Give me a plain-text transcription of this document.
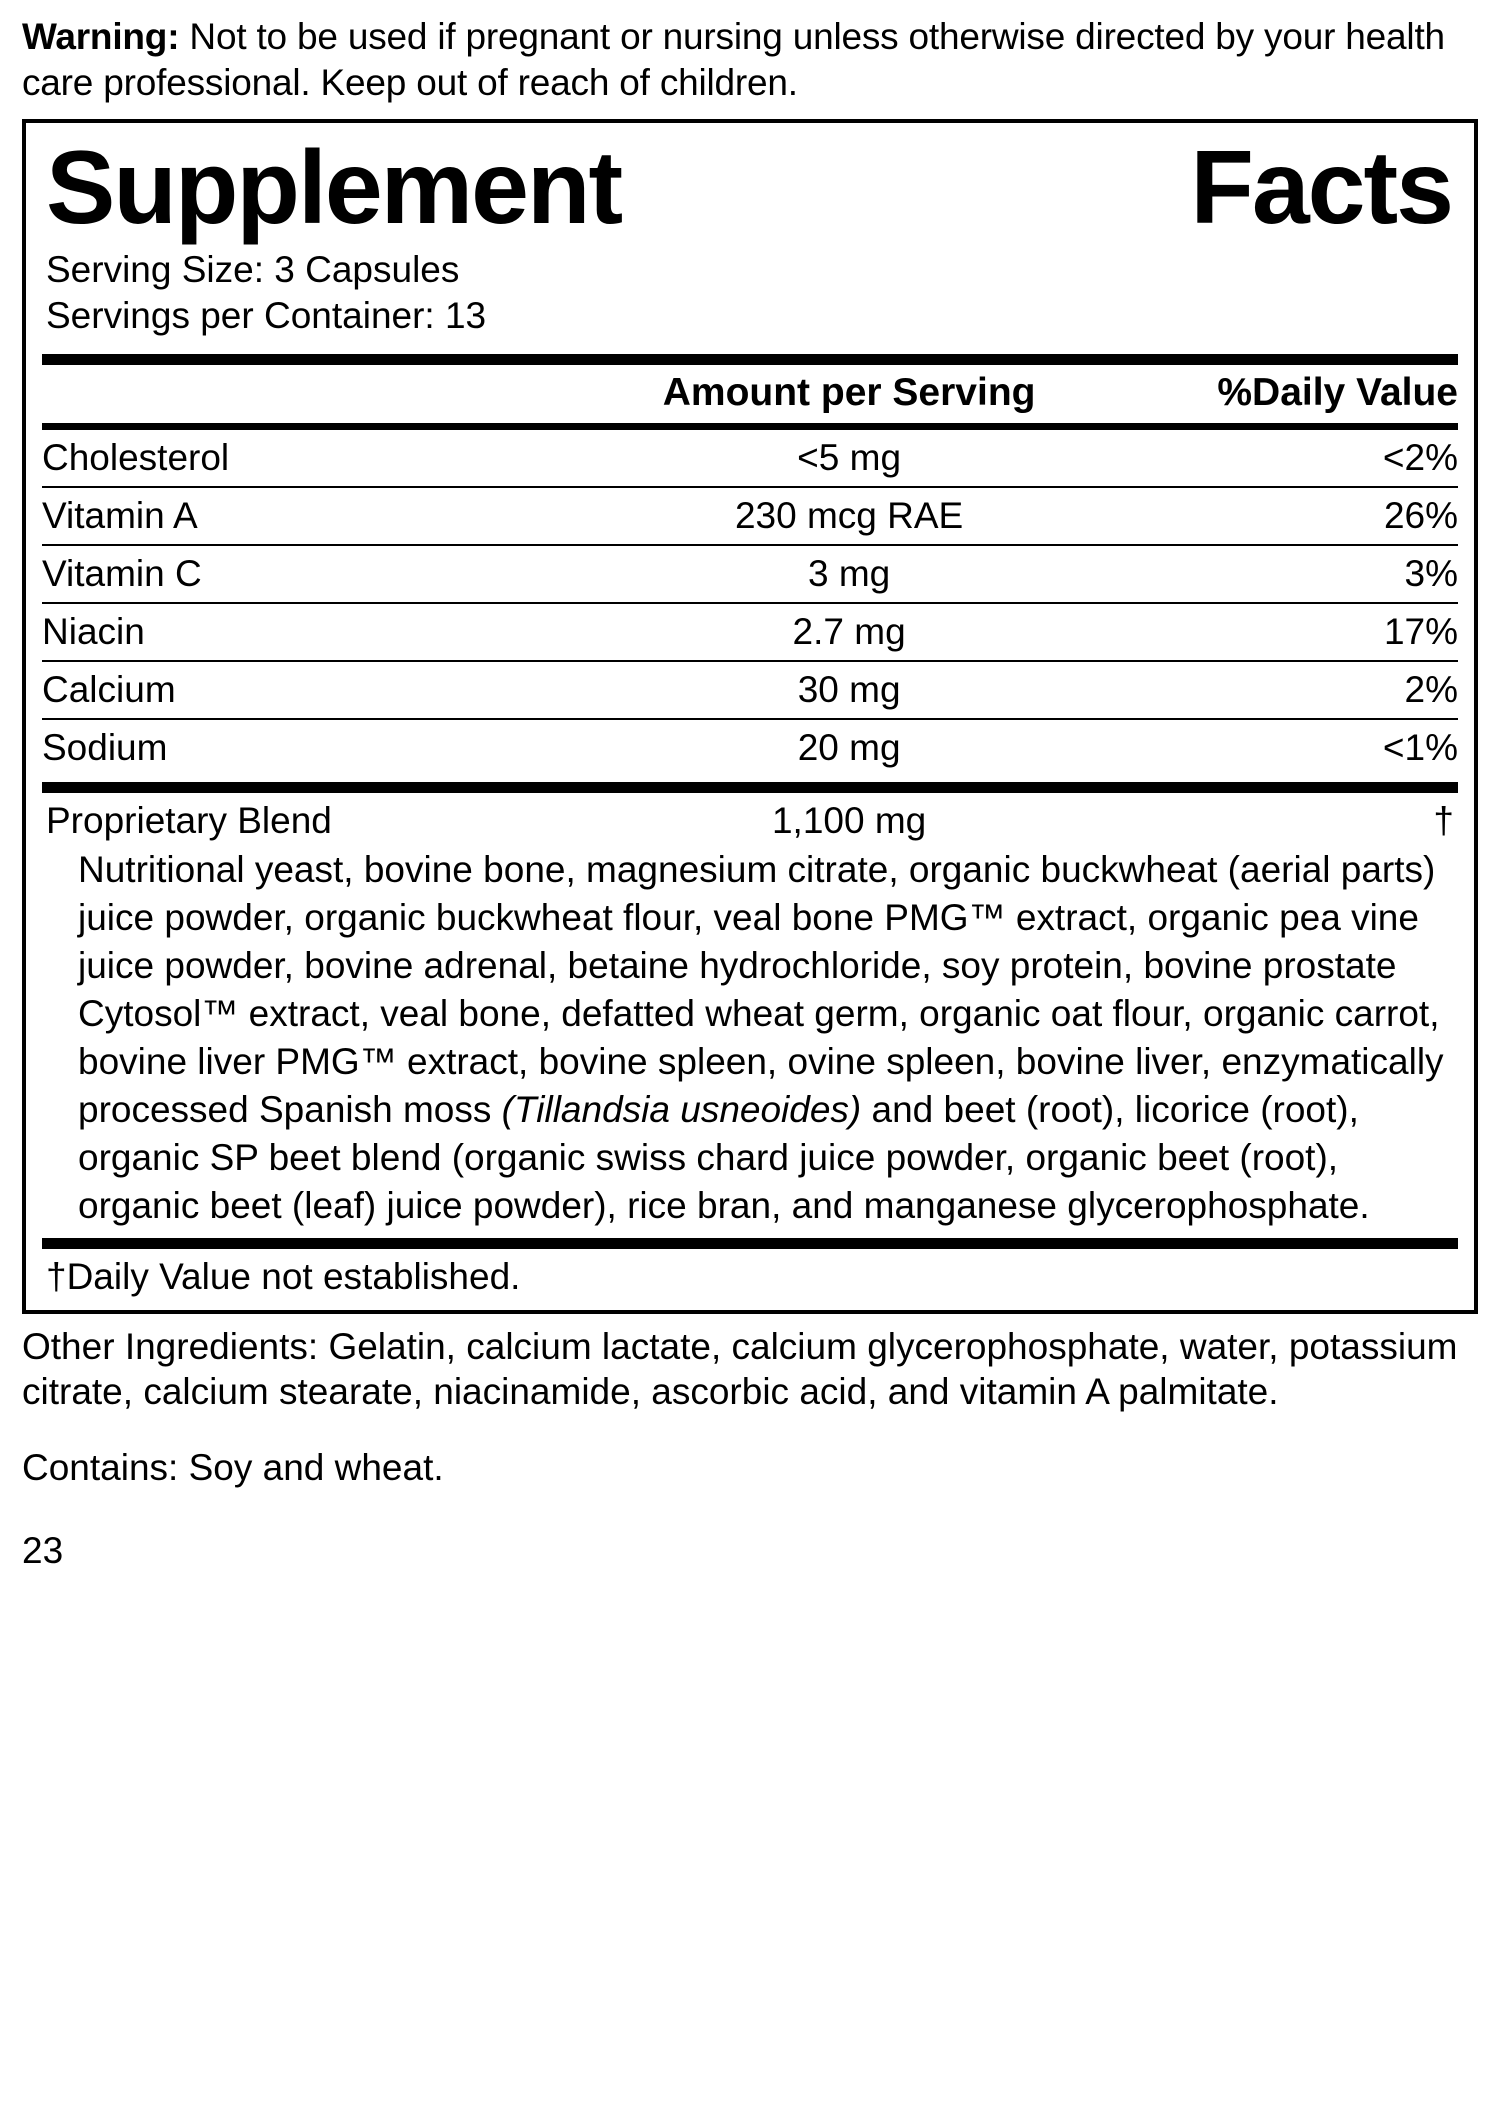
Warning: Not to be used if pregnant or nursing unless otherwise directed by your health care professional. Keep out of reach of children.

Supplement	Facts
Serving Size: 3 Capsules
Servings per Container: 13
	Amount per Serving	%Daily Value
Cholesterol	<5 mg	<2%
Vitamin A	230 mcg RAE	26%
Vitamin C	3 mg	3%
Niacin	2.7 mg	17%
Calcium	30 mg	2%
Sodium	20 mg	<1%
Proprietary Blend	1,100 mg	†
Nutritional yeast, bovine bone, magnesium citrate, organic buckwheat (aerial parts) juice powder, organic buckwheat flour, veal bone PMG™ extract, organic pea vine juice powder, bovine adrenal, betaine hydrochloride, soy protein, bovine prostate Cytosol™ extract, veal bone, defatted wheat germ, organic oat flour, organic carrot, bovine liver PMG™ extract, bovine spleen, ovine spleen, bovine liver, enzymatically processed Spanish moss (Tillandsia usneoides) and beet (root), licorice (root), organic SP beet blend (organic swiss chard juice powder, organic beet (root), organic beet (leaf) juice powder), rice bran, and manganese glycerophosphate.
†Daily Value not established.

Other Ingredients: Gelatin, calcium lactate, calcium glycerophosphate, water, potassium citrate, calcium stearate, niacinamide, ascorbic acid, and vitamin A palmitate.

Contains: Soy and wheat.

23
